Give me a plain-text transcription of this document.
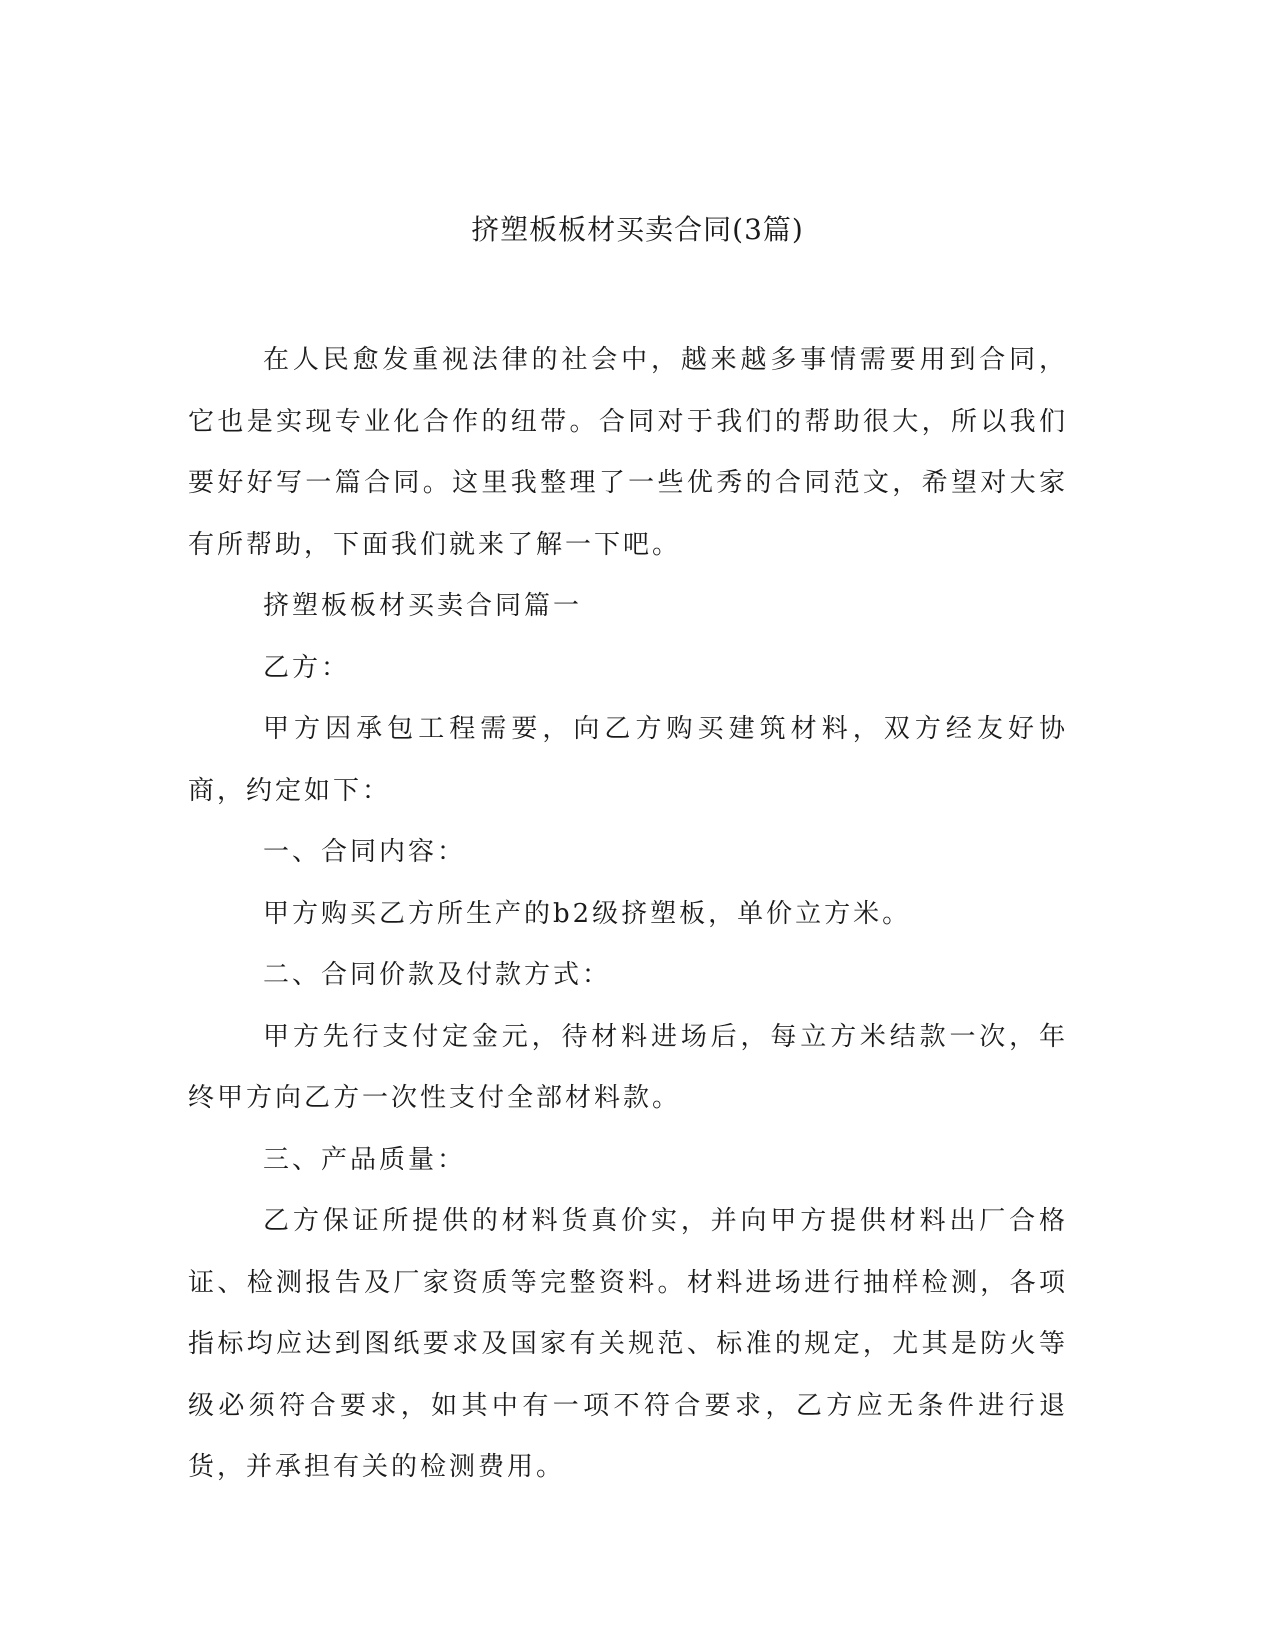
挤塑板板材买卖合同(3篇)

在人民愈发重视法律的社会中，越来越多事情需要用到合同，它也是实现专业化合作的纽带。合同对于我们的帮助很大，所以我们要好好写一篇合同。这里我整理了一些优秀的合同范文，希望对大家有所帮助，下面我们就来了解一下吧。

挤塑板板材买卖合同篇一

乙方：

甲方因承包工程需要，向乙方购买建筑材料，双方经友好协商，约定如下：

一、合同内容：

甲方购买乙方所生产的b2级挤塑板，单价立方米。

二、合同价款及付款方式：

甲方先行支付定金元，待材料进场后，每立方米结款一次，年终甲方向乙方一次性支付全部材料款。

三、产品质量：

乙方保证所提供的材料货真价实，并向甲方提供材料出厂合格证、检测报告及厂家资质等完整资料。材料进场进行抽样检测，各项指标均应达到图纸要求及国家有关规范、标准的规定，尤其是防火等级必须符合要求，如其中有一项不符合要求，乙方应无条件进行退货，并承担有关的检测费用。
